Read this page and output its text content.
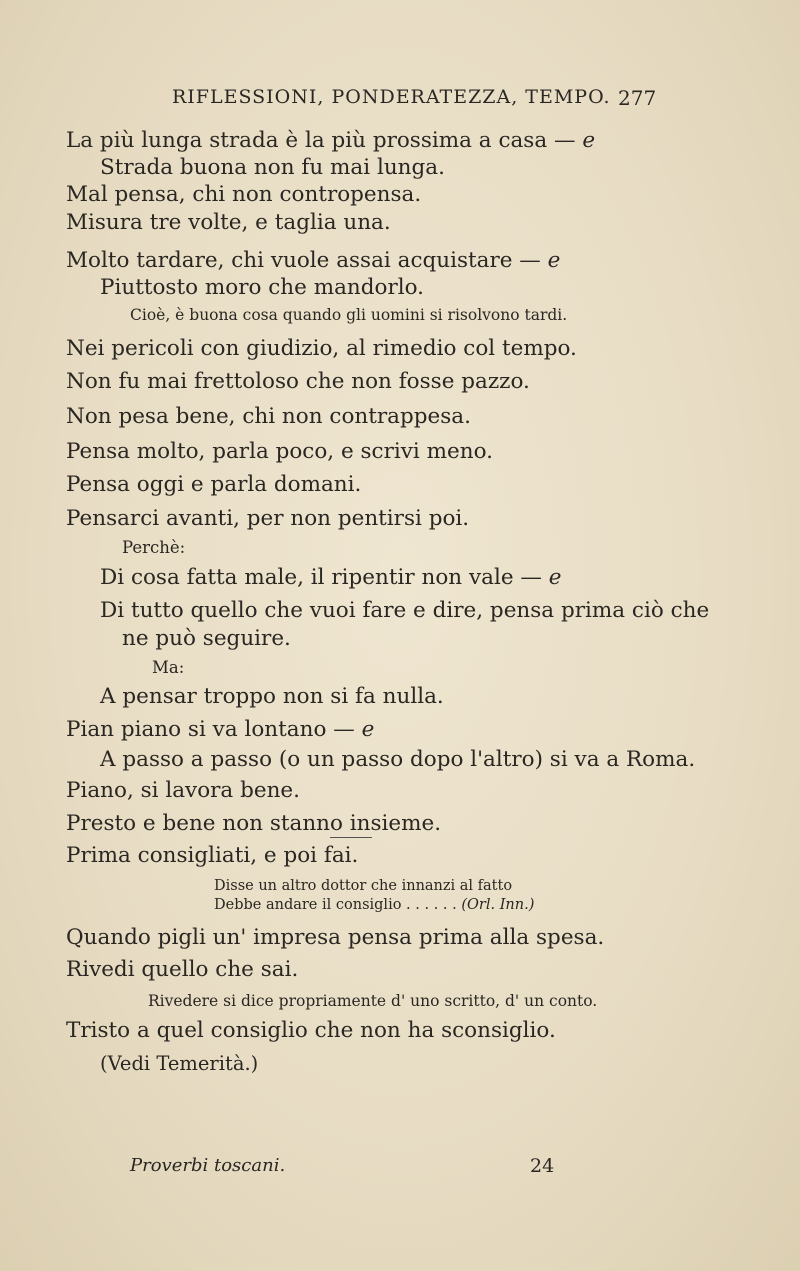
RIFLESSIONI, PONDERATEZZA, TEMPO. 277
La più lunga strada è la più prossima a casa — e
Strada buona non fu mai lunga.
Mal pensa, chi non contropensa.
Misura tre volte, e taglia una.
Molto tardare, chi vuole assai acquistare — e
Piuttosto moro che mandorlo.
Cioè, è buona cosa quando gli uomini si risolvono tardi.
Nei pericoli con giudizio, al rimedio col tempo.
Non fu mai frettoloso che non fosse pazzo.
Non pesa bene, chi non contrappesa.
Pensa molto, parla poco, e scrivi meno.
Pensa oggi e parla domani.
Pensarci avanti, per non pentirsi poi.
Perchè:
Di cosa fatta male, il ripentir non vale — e
Di tutto quello che vuoi fare e dire, pensa prima ciò che
ne può seguire.
Ma:
A pensar troppo non si fa nulla.
Pian piano si va lontano — e
A passo a passo (o un passo dopo l'altro) si va a Roma.
Piano, si lavora bene.
Presto e bene non stanno insieme.
Prima consigliati, e poi fai.
Disse un altro dottor che innanzi al fatto
Debbe andare il consiglio . . . . . . (Orl. Inn.)
Quando pigli un' impresa pensa prima alla spesa.
Rivedi quello che sai.
Rivedere si dice propriamente d' uno scritto, d' un conto.
Tristo a quel consiglio che non ha sconsiglio.
(Vedi Temerità.)
Proverbi toscani.	24
